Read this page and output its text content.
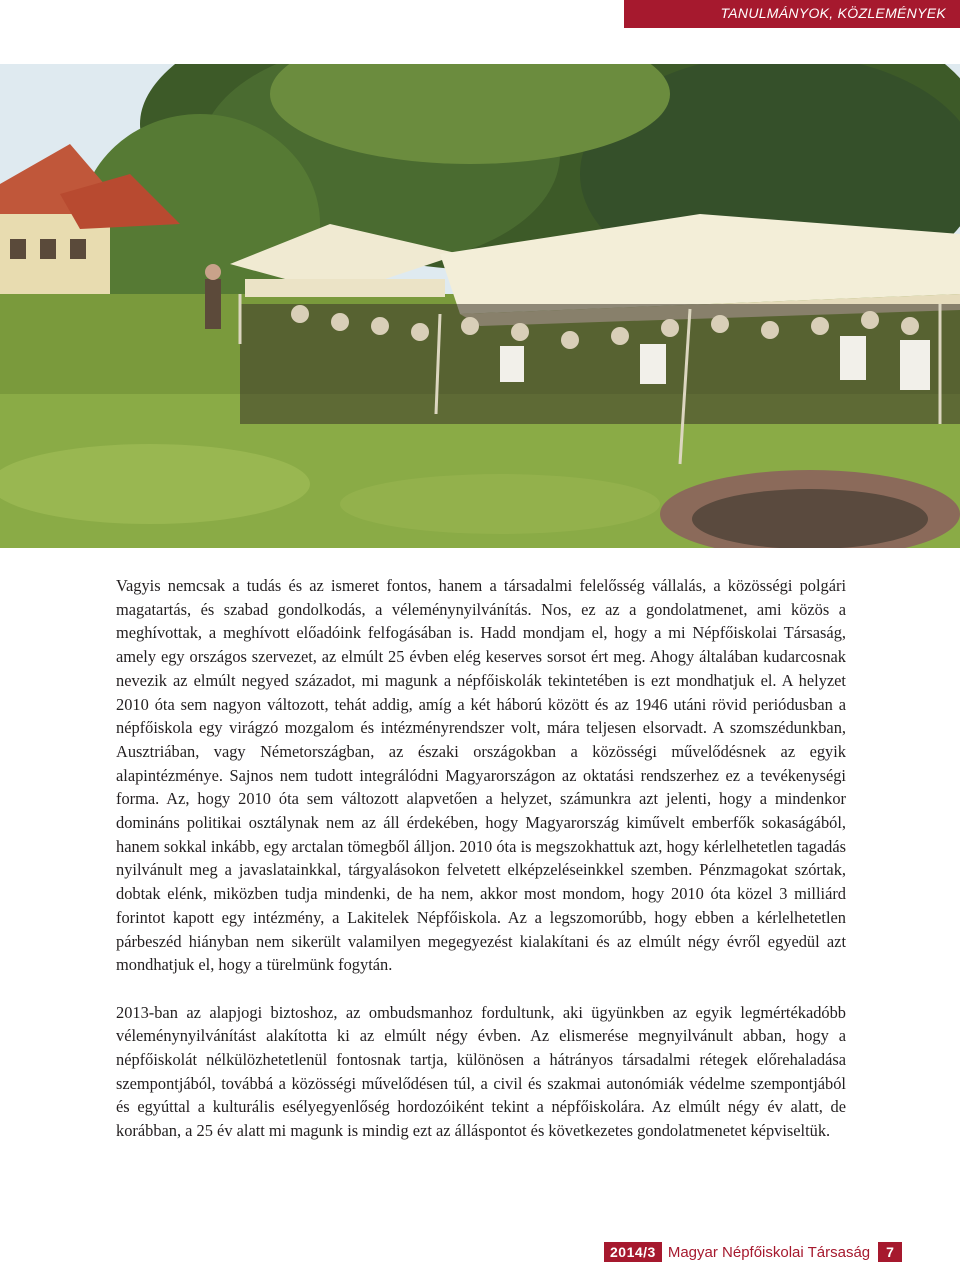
TANULMÁNYOK, KÖZLEMÉNYEK

Vagyis nemcsak a tudás és az ismeret fontos, hanem a társadalmi felelősség vállalás, a közösségi polgári magatartás, és szabad gondolkodás, a véleménynyilvánítás. Nos, ez az a gondolatmenet, ami közös a meghívottak, a meghívott előadóink felfogásában is. Hadd mondjam el, hogy a mi Népfőiskolai Társaság, amely egy országos szervezet, az elmúlt 25 évben elég keserves sorsot ért meg. Ahogy általában kudarcosnak nevezik az elmúlt negyed századot, mi magunk a népfőiskolák tekintetében is ezt mondhatjuk el. A helyzet 2010 óta sem nagyon változott, tehát addig, amíg a két háború között és az 1946 utáni rövid periódusban a népfőiskola egy virágzó mozgalom és intézményrendszer volt, mára teljesen elsorvadt. A szomszédunkban, Ausztriában, vagy Németországban, az északi országokban a közösségi művelődésnek az egyik alapintézménye. Sajnos nem tudott integrálódni Magyarországon az oktatási rendszerhez ez a tevékenységi forma. Az, hogy 2010 óta sem változott alapvetően a helyzet, számunkra azt jelenti, hogy a mindenkor domináns politikai osztálynak nem az áll érdekében, hogy Magyarország kiművelt emberfők sokaságából, hanem sokkal inkább, egy arctalan tömegből álljon. 2010 óta is megszokhattuk azt, hogy kérlelhetetlen tagadás nyilvánult meg a javaslatainkkal, tárgyalásokon felvetett elképzeléseinkkel szemben. Pénzmagokat szórtak, dobtak elénk, miközben tudja mindenki, de ha nem, akkor most mondom, hogy 2010 óta közel 3 milliárd forintot kapott egy intézmény, a Lakitelek Népfőiskola. Az a legszomorúbb, hogy ebben a kérlelhetetlen párbeszéd hiányban nem sikerült valamilyen megegyezést kialakítani és az elmúlt négy évről egyedül azt mondhatjuk el, hogy a türelmünk fogytán.

2013-ban az alapjogi biztoshoz, az ombudsmanhoz fordultunk, aki ügyünkben az egyik legmértékadóbb véleménynyilvánítást alakította ki az elmúlt négy évben. Az elismerése megnyilvánult abban, hogy a népfőiskolát nélkülözhetetlenül fontosnak tartja, különösen a hátrányos társadalmi rétegek előrehaladása szempontjából, továbbá a közösségi művelődésen túl, a civil és szakmai autonómiák védelme szempontjából és egyúttal a kulturális esélyegyenlőség hordozóiként tekint a népfőiskolára. Az elmúlt négy év alatt, de korábban, a 25 év alatt mi magunk is mindig ezt az álláspontot és következetes gondolatmenetet képviseltük.

2014/3 Magyar Népfőiskolai Társaság	7
